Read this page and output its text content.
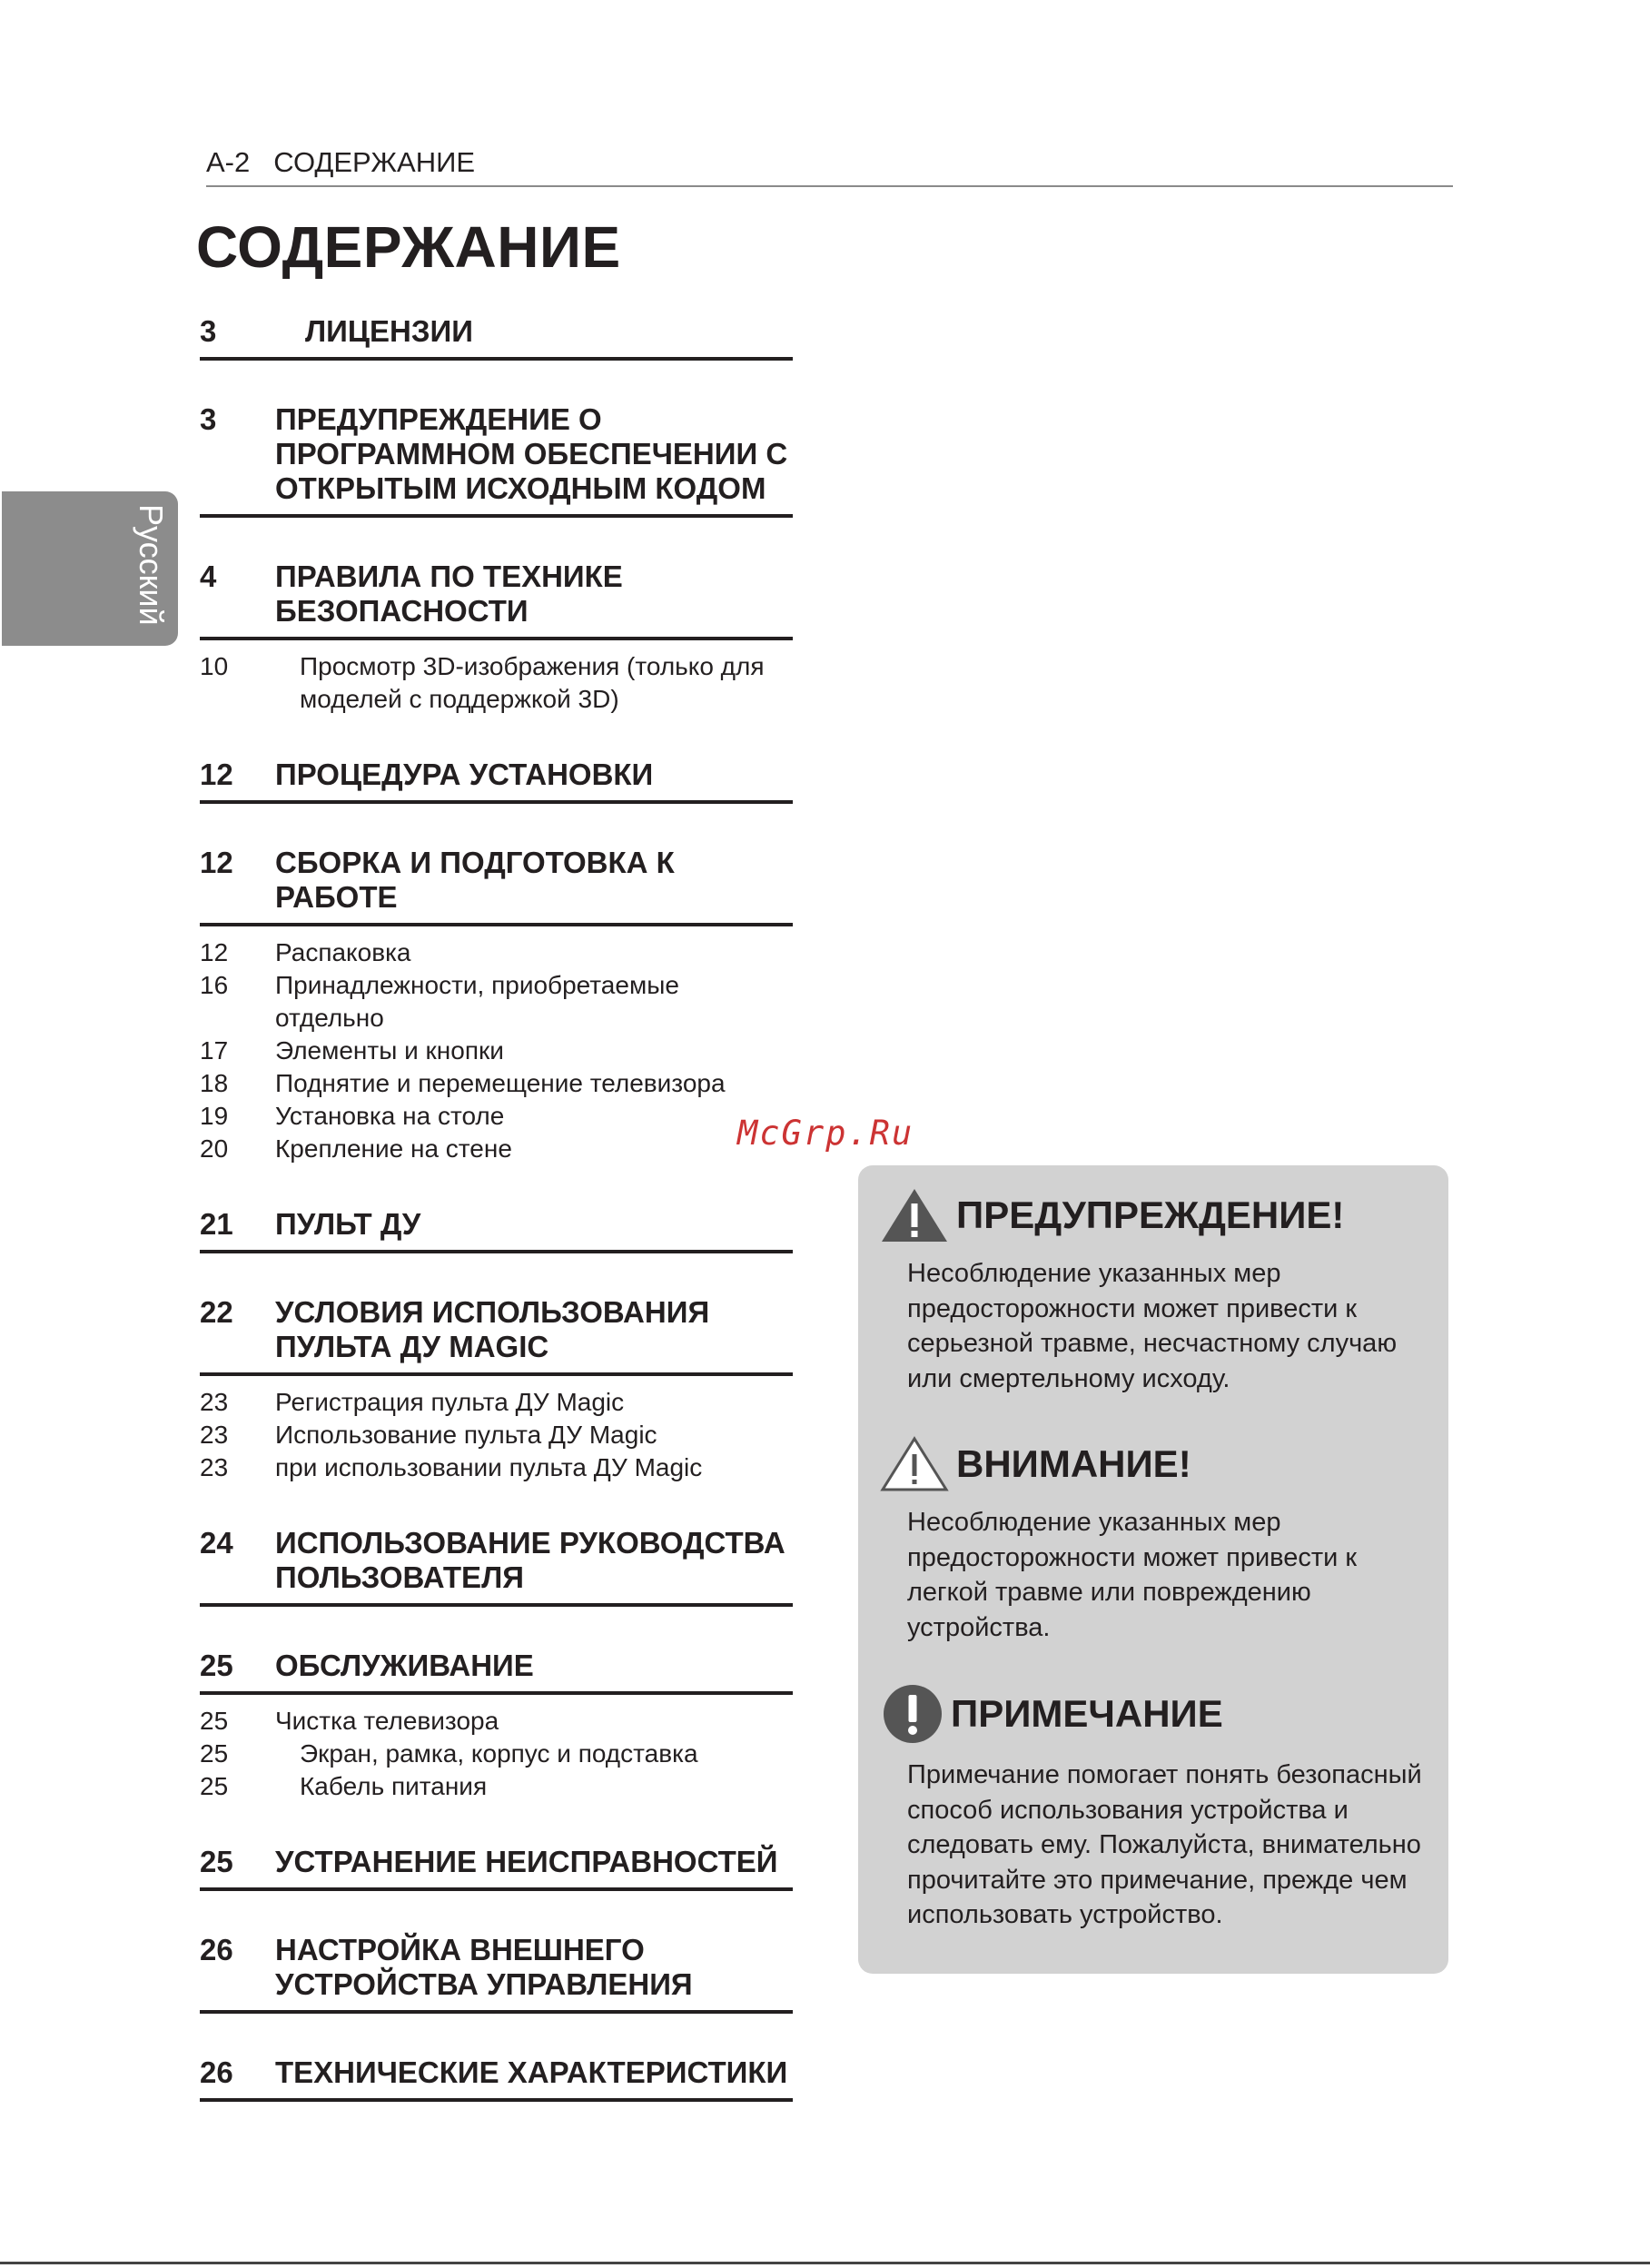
A-2 СОДЕРЖАНИЕ
СОДЕРЖАНИЕ
Русский
3	ЛИЦЕНЗИИ
3	ПРЕДУПРЕЖДЕНИЕ О ПРОГРАММНОМ ОБЕСПЕЧЕНИИ С ОТКРЫТЫМ ИСХОДНЫМ КОДОМ
4	ПРАВИЛА ПО ТЕХНИКЕ БЕЗОПАСНОСТИ
10	Просмотр 3D-изображения (только для моделей с поддержкой 3D)
12	ПРОЦЕДУРА УСТАНОВКИ
12	СБОРКА И ПОДГОТОВКА К РАБОТЕ
12	Распаковка
16	Принадлежности, приобретаемые отдельно
17	Элементы и кнопки
18	Поднятие и перемещение телевизора
19	Установка на столе
20	Крепление на стене
21	ПУЛЬТ ДУ
22	УСЛОВИЯ ИСПОЛЬЗОВАНИЯ ПУЛЬТА ДУ MAGIC
23	Регистрация пульта ДУ Magic
23	Использование пульта ДУ Magic
23	при использовании пульта ДУ Magic
24	ИСПОЛЬЗОВАНИЕ РУКОВОДСТВА ПОЛЬЗОВАТЕЛЯ
25	ОБСЛУЖИВАНИЕ
25	Чистка телевизора
25	Экран, рамка, корпус и подставка
25	Кабель питания
25	УСТРАНЕНИЕ НЕИСПРАВНОСТЕЙ
26	НАСТРОЙКА ВНЕШНЕГО УСТРОЙСТВА УПРАВЛЕНИЯ
26	ТЕХНИЧЕСКИЕ ХАРАКТЕРИСТИКИ
McGrp.Ru
ПРЕДУПРЕЖДЕНИЕ!

Несоблюдение указанных мер предосторожности может привести к серьезной травме, несчастному случаю или смертельному исходу.

ВНИМАНИЕ!

Несоблюдение указанных мер предосторожности может привести к легкой травме или повреждению устройства.

ПРИМЕЧАНИЕ

Примечание помогает понять безопасный способ использования устройства и следовать ему. Пожалуйста, внимательно прочитайте это примечание, прежде чем использовать устройство.
